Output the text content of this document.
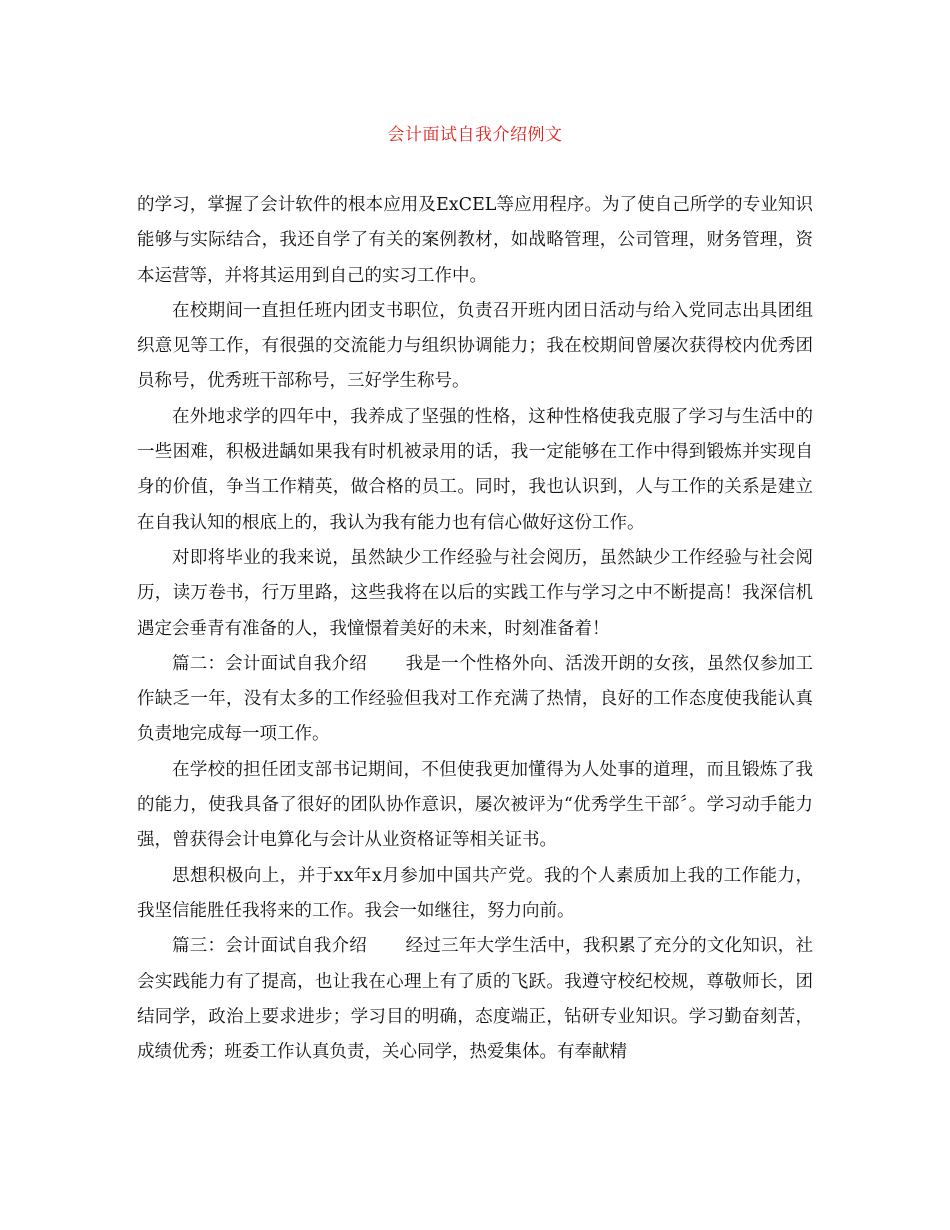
会计面试自我介绍例文

的学习，掌握了会计软件的根本应用及ExCEL等应用程序。为了使自己所学的专业知识能够与实际结合，我还自学了有关的案例教材，如战略管理，公司管理，财务管理，资本运营等，并将其运用到自己的实习工作中。

在校期间一直担任班内团支书职位，负责召开班内团日活动与给入党同志出具团组织意见等工作，有很强的交流能力与组织协调能力；我在校期间曾屡次获得校内优秀团员称号，优秀班干部称号，三好学生称号。

在外地求学的四年中，我养成了坚强的性格，这种性格使我克服了学习与生活中的一些困难，积极进龋如果我有时机被录用的话，我一定能够在工作中得到锻炼并实现自身的价值，争当工作精英，做合格的员工。同时，我也认识到，人与工作的关系是建立在自我认知的根底上的，我认为我有能力也有信心做好这份工作。

对即将毕业的我来说，虽然缺少工作经验与社会阅历，虽然缺少工作经验与社会阅历，读万卷书，行万里路，这些我将在以后的实践工作与学习之中不断提高！我深信机遇定会垂青有准备的人，我憧憬着美好的未来，时刻准备着！

篇二：会计面试自我介绍 我是一个性格外向、活泼开朗的女孩，虽然仅参加工作缺乏一年，没有太多的工作经验但我对工作充满了热情，良好的工作态度使我能认真负责地完成每一项工作。

在学校的担任团支部书记期间，不但使我更加懂得为人处事的道理，而且锻炼了我的能力，使我具备了很好的团队协作意识，屡次被评为“优秀学生干部〞。学习动手能力强，曾获得会计电算化与会计从业资格证等相关证书。

思想积极向上，并于xx年x月参加中国共产党。我的个人素质加上我的工作能力，我坚信能胜任我将来的工作。我会一如继往，努力向前。

篇三：会计面试自我介绍 经过三年大学生活中，我积累了充分的文化知识，社会实践能力有了提高，也让我在心理上有了质的飞跃。我遵守校纪校规，尊敬师长，团结同学，政治上要求进步；学习目的明确，态度端正，钻研专业知识。学习勤奋刻苦，成绩优秀；班委工作认真负责，关心同学，热爱集体。有奉献精
